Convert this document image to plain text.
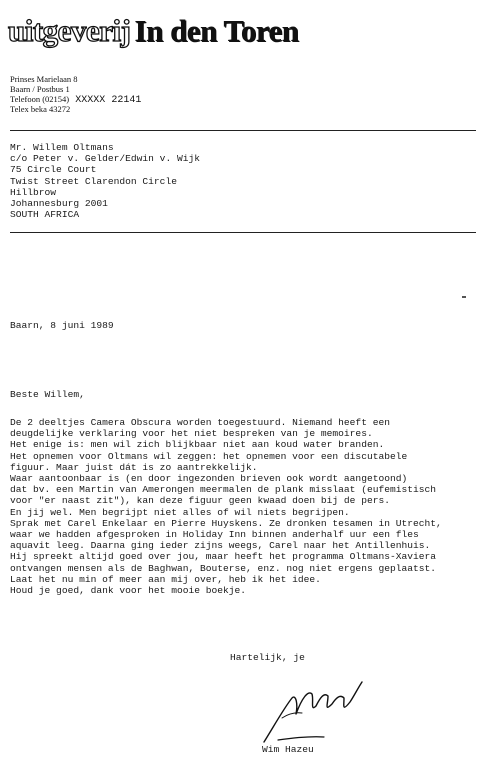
uitgeverij In den Toren
Prinses Marielaan 8
Baarn / Postbus 1
Telefoon (02154) XXXXX 22141
Telex beka 43272
Mr. Willem Oltmans
c/o Peter v. Gelder/Edwin v. Wijk
75 Circle Court
Twist Street Clarendon Circle
Hillbrow
Johannesburg 2001
SOUTH AFRICA
Baarn, 8 juni 1989
Beste Willem,
De 2 deeltjes Camera Obscura worden toegestuurd. Niemand heeft een
deugdelijke verklaring voor het niet bespreken van je memoires.
Het enige is: men wil zich blijkbaar niet aan koud water branden.
Het opnemen voor Oltmans wil zeggen: het opnemen voor een discutabele
figuur. Maar juist dát is zo aantrekkelijk.
Waar aantoonbaar is (en door ingezonden brieven ook wordt aangetoond)
dat bv. een Martin van Amerongen meermalen de plank misslaat (eufemistisch
voor "er naast zit"), kan deze figuur geen kwaad doen bij de pers.
En jij wel. Men begrijpt niet alles of wil niets begrijpen.
Sprak met Carel Enkelaar en Pierre Huyskens. Ze dronken tesamen in Utrecht,
waar we hadden afgesproken in Holiday Inn binnen anderhalf uur een fles
aquavit leeg. Daarna ging ieder zijns weegs, Carel naar het Antillenhuis.
Hij spreekt altijd goed over jou, maar heeft het programma Oltmans-Xaviera
ontvangen mensen als de Baghwan, Bouterse, enz. nog niet ergens geplaatst.
Laat het nu min of meer aan mij over, heb ik het idee.
Houd je goed, dank voor het mooie boekje.
Hartelijk, je
Wim Hazeu
